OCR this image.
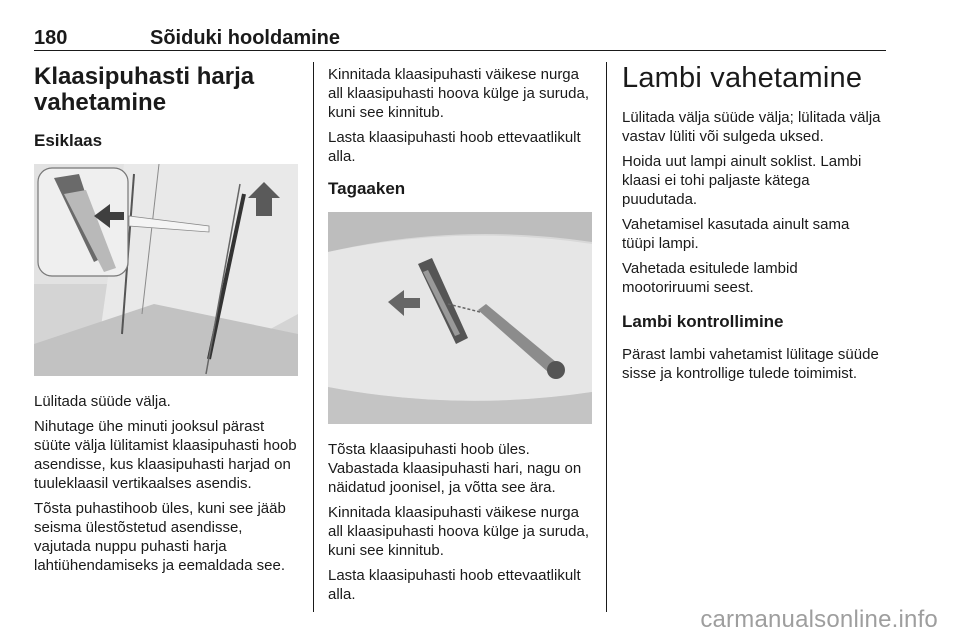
180	Sõiduki hooldamine
Klaasipuhasti harja vahetamine
Esiklaas

Lülitada süüde välja.

Nihutage ühe minuti jooksul pärast süüte välja lülitamist klaasipuhasti hoob asendisse, kus klaasipuhasti harjad on tuuleklaasil vertikaalses asendis.

Tõsta puhastihoob üles, kuni see jääb seisma ülestõstetud asendisse, vajutada nuppu puhasti harja lahtiühendamiseks ja eemaldada see.

Kinnitada klaasipuhasti väikese nurga all klaasipuhasti hoova külge ja suruda, kuni see kinnitub.

Lasta klaasipuhasti hoob ettevaatlikult alla.

Tagaaken

Tõsta klaasipuhasti hoob üles. Vabastada klaasipuhasti hari, nagu on näidatud joonisel, ja võtta see ära.

Kinnitada klaasipuhasti väikese nurga all klaasipuhasti hoova külge ja suruda, kuni see kinnitub.

Lasta klaasipuhasti hoob ettevaatlikult alla.

Lambi vahetamine

Lülitada välja süüde välja; lülitada välja vastav lüliti või sulgeda uksed.

Hoida uut lampi ainult soklist. Lambi klaasi ei tohi paljaste kätega puudutada.

Vahetamisel kasutada ainult sama tüüpi lampi.

Vahetada esitulede lambid mootoriruumi seest.

Lambi kontrollimine

Pärast lambi vahetamist lülitage süüde sisse ja kontrollige tulede toimimist.

carmanualsonline.info
